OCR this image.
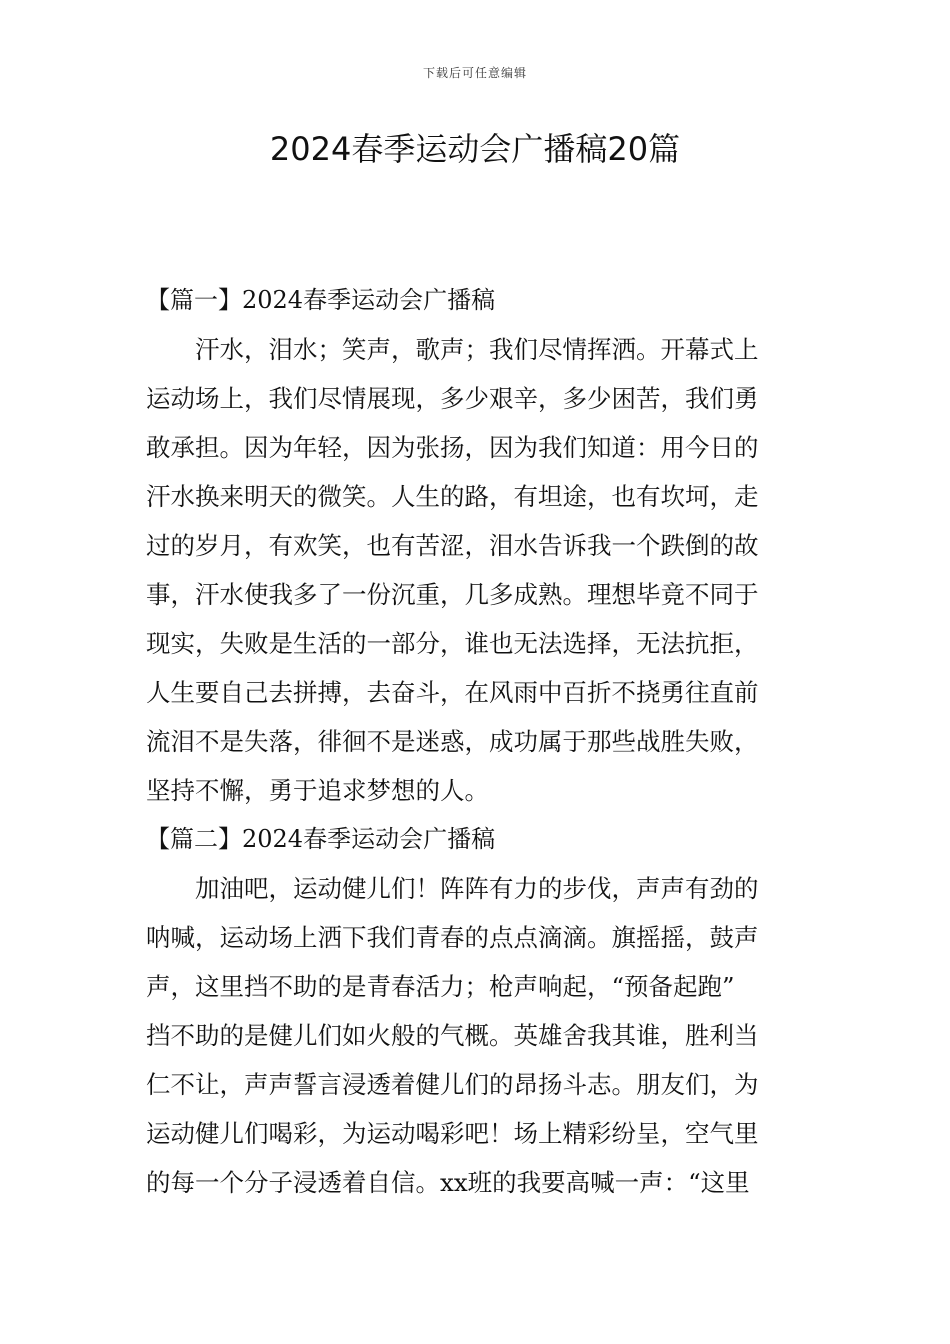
下载后可任意编辑
2024春季运动会广播稿20篇
【篇一】2024春季运动会广播稿
汗水，泪水；笑声，歌声；我们尽情挥洒。开幕式上
运动场上，我们尽情展现，多少艰辛，多少困苦，我们勇
敢承担。因为年轻，因为张扬，因为我们知道：用今日的
汗水换来明天的微笑。人生的路，有坦途，也有坎坷，走
过的岁月，有欢笑，也有苦涩，泪水告诉我一个跌倒的故
事，汗水使我多了一份沉重，几多成熟。理想毕竟不同于
现实，失败是生活的一部分，谁也无法选择，无法抗拒，
人生要自己去拼搏，去奋斗，在风雨中百折不挠勇往直前
流泪不是失落，徘徊不是迷惑，成功属于那些战胜失败，
坚持不懈，勇于追求梦想的人。
【篇二】2024春季运动会广播稿
加油吧，运动健儿们！阵阵有力的步伐，声声有劲的
呐喊，运动场上洒下我们青春的点点滴滴。旗摇摇，鼓声
声，这里挡不助的是青春活力；枪声响起，“预备起跑”
挡不助的是健儿们如火般的气概。英雄舍我其谁，胜利当
仁不让，声声誓言浸透着健儿们的昂扬斗志。朋友们，为
运动健儿们喝彩，为运动喝彩吧！场上精彩纷呈，空气里
的每一个分子浸透着自信。xx班的我要高喊一声：“这里
